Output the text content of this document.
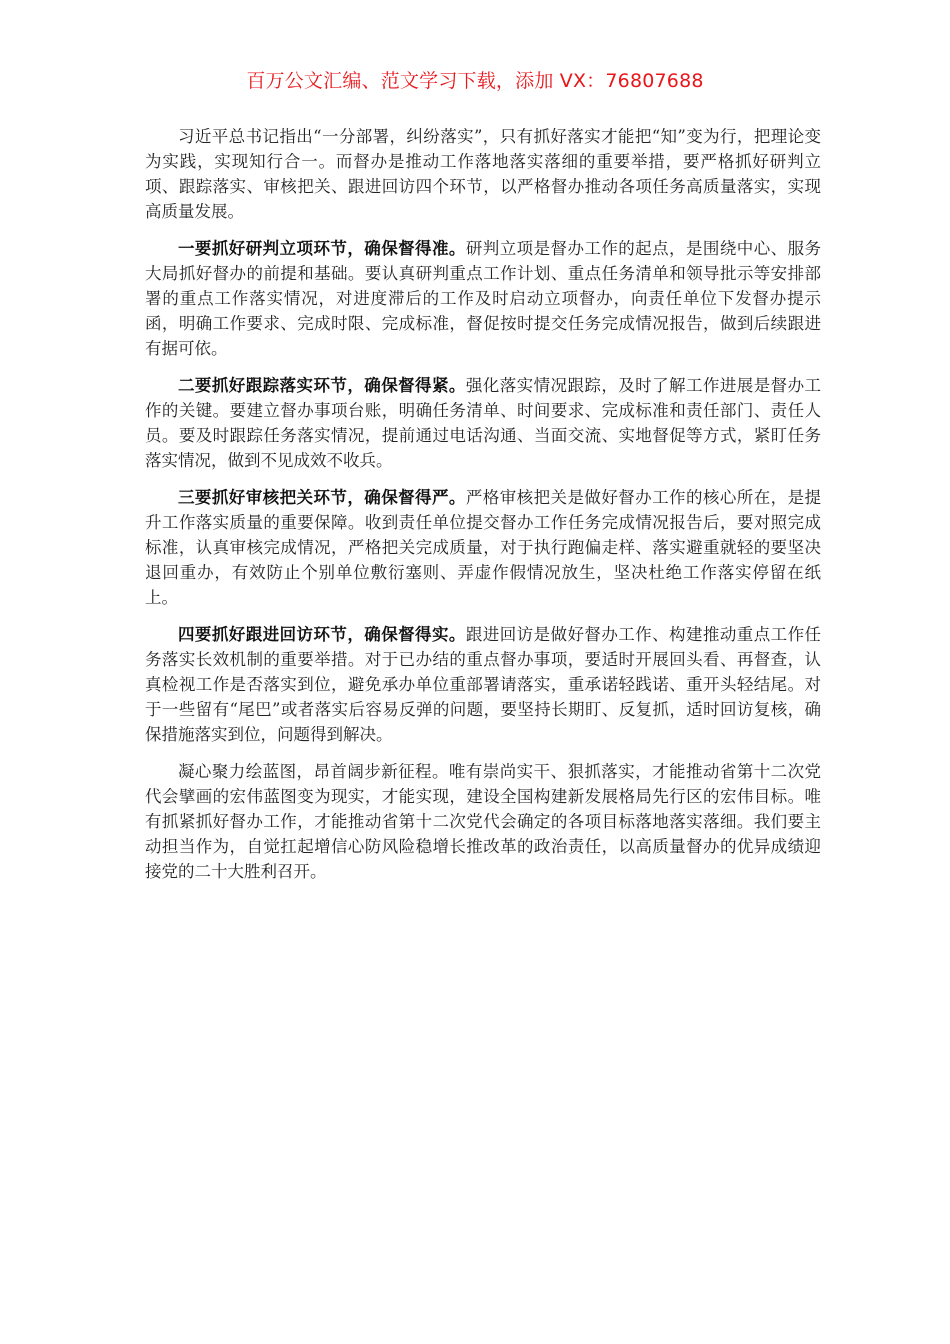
百万公文汇编、范文学习下载，添加 VX：76807688

习近平总书记指出“一分部署，纠纷落实”，只有抓好落实才能把“知”变为行，把理论变为实践，实现知行合一。而督办是推动工作落地落实落细的重要举措，要严格抓好研判立项、跟踪落实、审核把关、跟进回访四个环节，以严格督办推动各项任务高质量落实，实现高质量发展。

一要抓好研判立项环节，确保督得准。研判立项是督办工作的起点，是围绕中心、服务大局抓好督办的前提和基础。要认真研判重点工作计划、重点任务清单和领导批示等安排部署的重点工作落实情况，对进度滞后的工作及时启动立项督办，向责任单位下发督办提示函，明确工作要求、完成时限、完成标准，督促按时提交任务完成情况报告，做到后续跟进有据可依。

二要抓好跟踪落实环节，确保督得紧。强化落实情况跟踪，及时了解工作进展是督办工作的关键。要建立督办事项台账，明确任务清单、时间要求、完成标准和责任部门、责任人员。要及时跟踪任务落实情况，提前通过电话沟通、当面交流、实地督促等方式，紧盯任务落实情况，做到不见成效不收兵。

三要抓好审核把关环节，确保督得严。严格审核把关是做好督办工作的核心所在，是提升工作落实质量的重要保障。收到责任单位提交督办工作任务完成情况报告后，要对照完成标准，认真审核完成情况，严格把关完成质量，对于执行跑偏走样、落实避重就轻的要坚决退回重办，有效防止个别单位敷衍塞则、弄虚作假情况放生，坚决杜绝工作落实停留在纸上。

四要抓好跟进回访环节，确保督得实。跟进回访是做好督办工作、构建推动重点工作任务落实长效机制的重要举措。对于已办结的重点督办事项，要适时开展回头看、再督查，认真检视工作是否落实到位，避免承办单位重部署请落实，重承诺轻践诺、重开头轻结尾。对于一些留有“尾巴”或者落实后容易反弹的问题，要坚持长期盯、反复抓，适时回访复核，确保措施落实到位，问题得到解决。

凝心聚力绘蓝图，昂首阔步新征程。唯有崇尚实干、狠抓落实，才能推动省第十二次党代会擘画的宏伟蓝图变为现实，才能实现，建设全国构建新发展格局先行区的宏伟目标。唯有抓紧抓好督办工作，才能推动省第十二次党代会确定的各项目标落地落实落细。我们要主动担当作为，自觉扛起增信心防风险稳增长推改革的政治责任，以高质量督办的优异成绩迎接党的二十大胜利召开。
